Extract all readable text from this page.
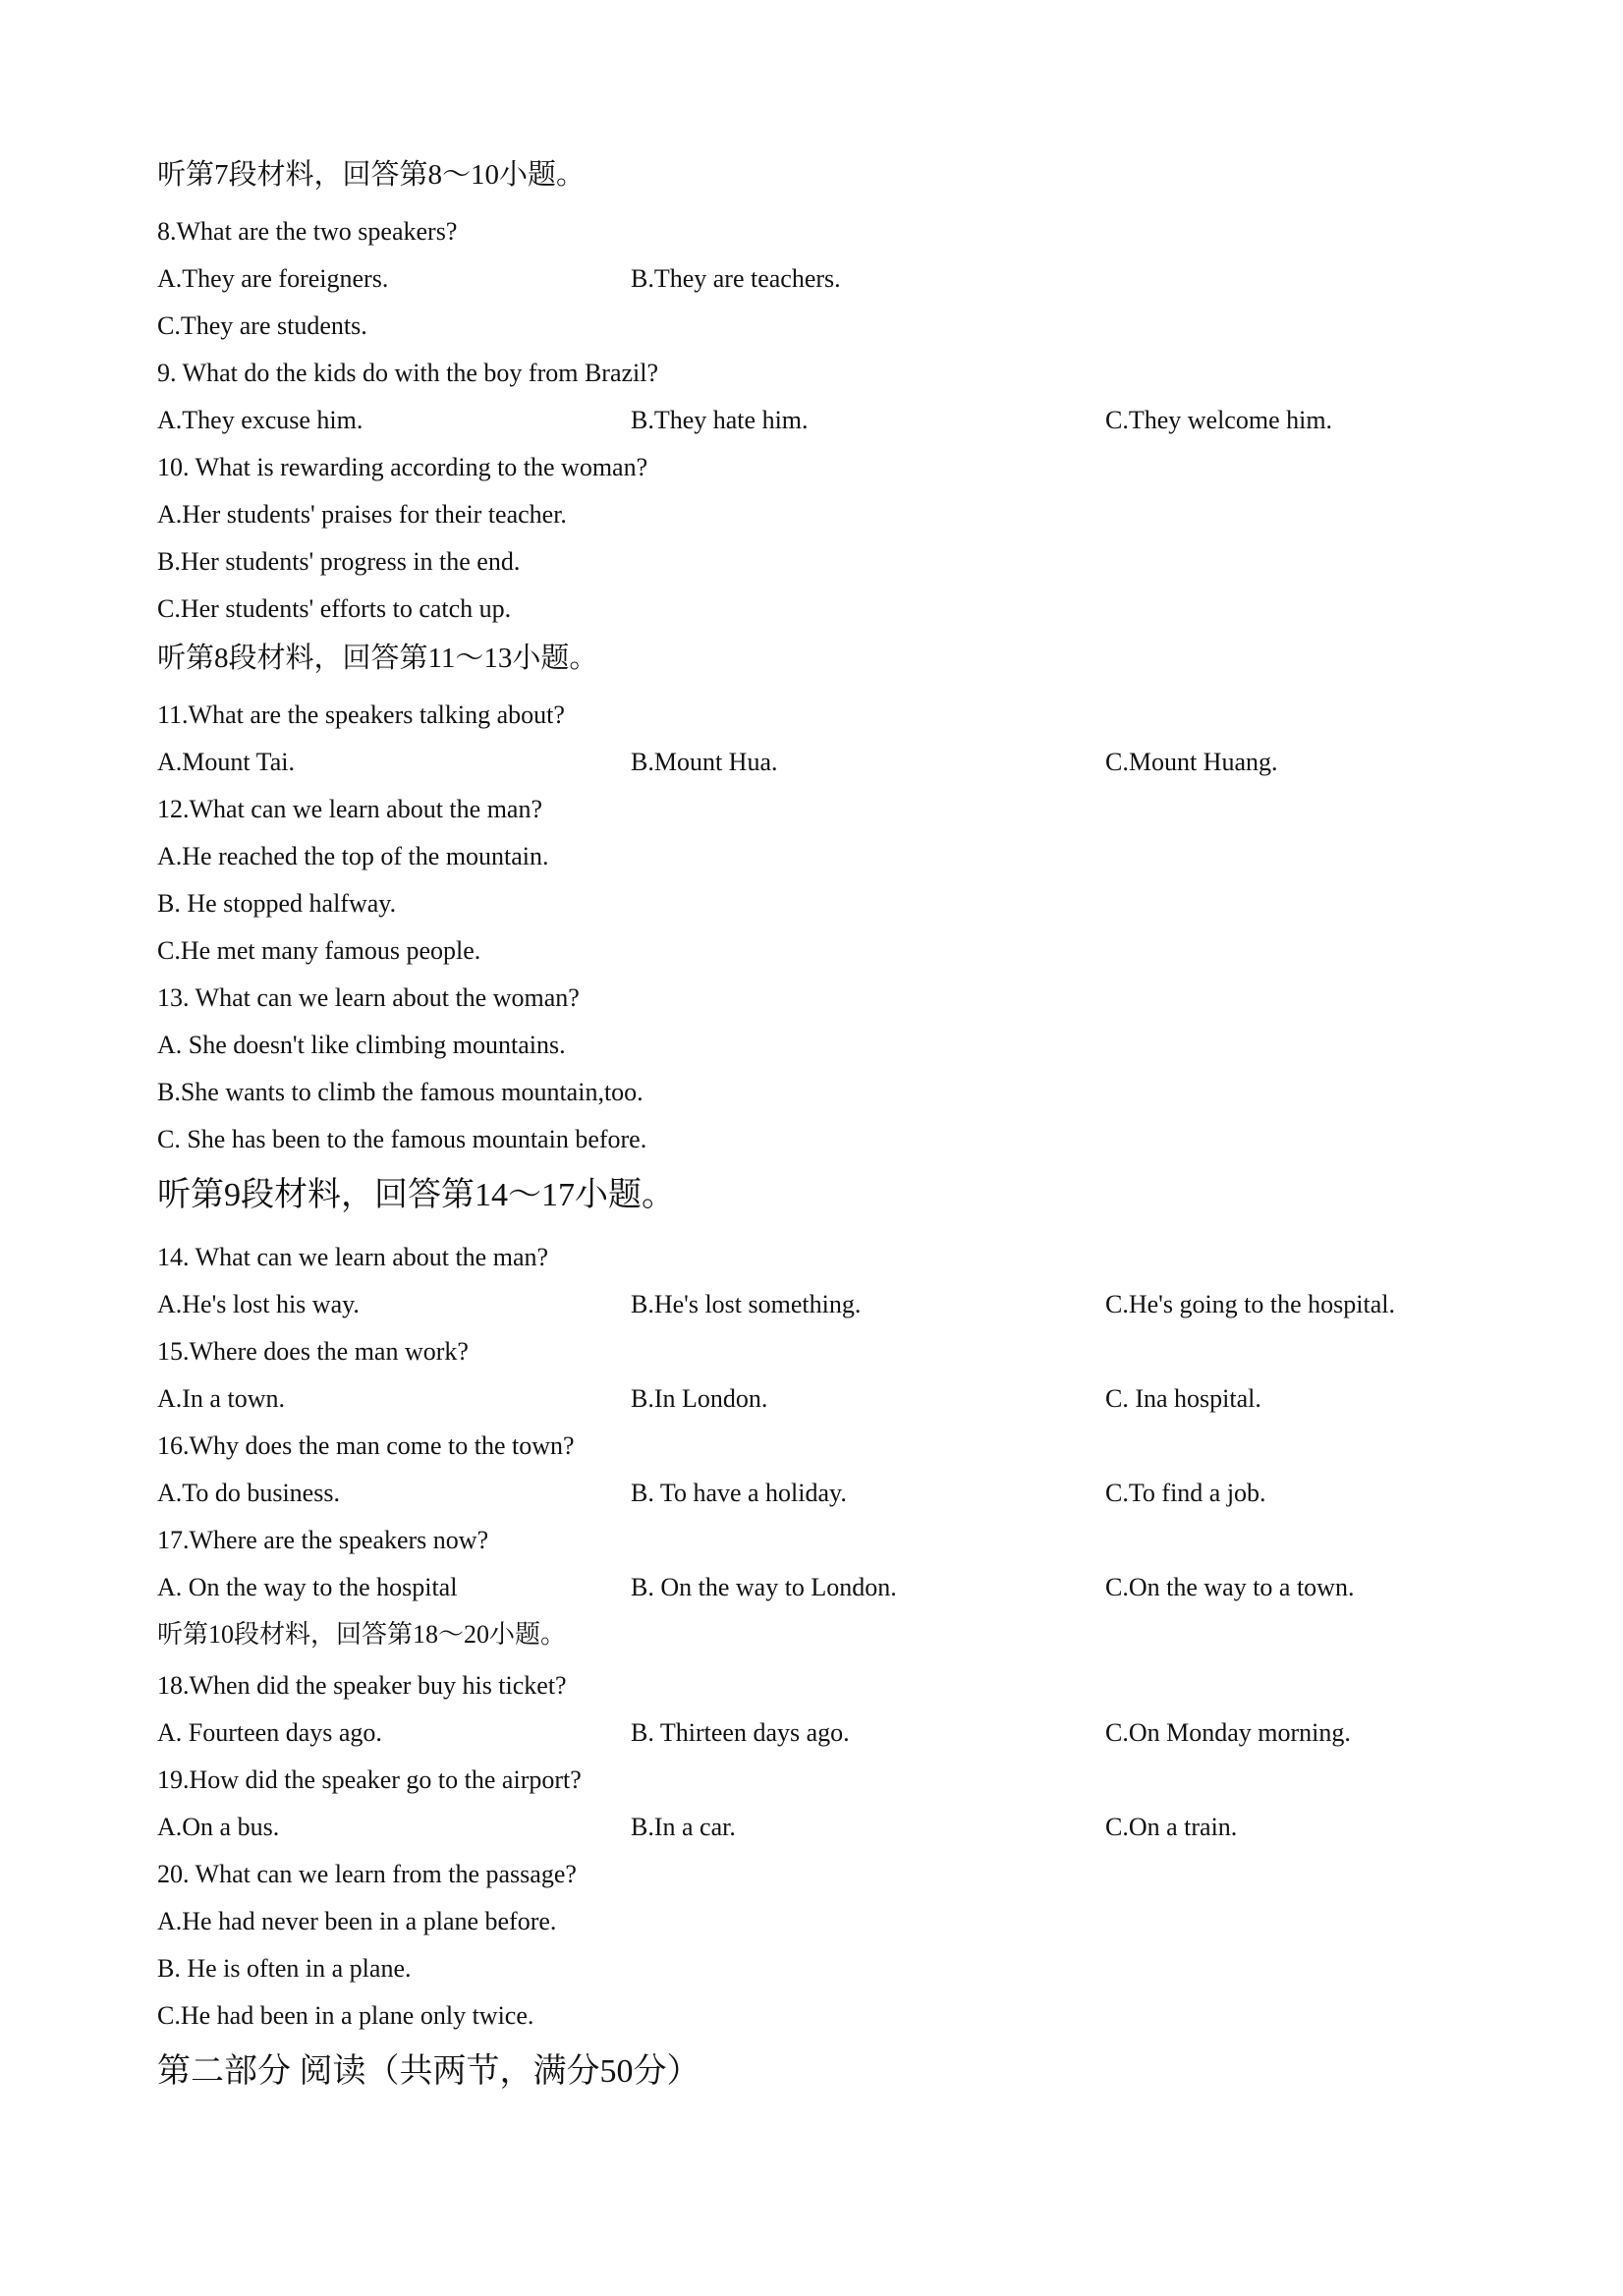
听第7段材料，回答第8～10小题。
8.What are the two speakers?
A.They are foreigners.	B.They are teachers.
C.They are students.
9. What do the kids do with the boy from Brazil?
A.They excuse him.	B.They hate him.	C.They welcome him.
10. What is rewarding according to the woman?
A.Her students' praises for their teacher.
B.Her students' progress in the end.
C.Her students' efforts to catch up.
听第8段材料，回答第11～13小题。
11.What are the speakers talking about?
A.Mount Tai.	B.Mount Hua.	C.Mount Huang.
12.What can we learn about the man?
A.He reached the top of the mountain.
B. He stopped halfway.
C.He met many famous people.
13. What can we learn about the woman?
A. She doesn't like climbing mountains.
B.She wants to climb the famous mountain,too.
C. She has been to the famous mountain before.
听第9段材料，回答第14～17小题。
14. What can we learn about the man?
A.He's lost his way.	B.He's lost something.	C.He's going to the hospital.
15.Where does the man work?
A.In a town.	B.In London.	C. Ina hospital.
16.Why does the man come to the town?
A.To do business.	B. To have a holiday.	C.To find a job.
17.Where are the speakers now?
A. On the way to the hospital	B. On the way to London.	C.On the way to a town.
听第10段材料，回答第18～20小题。
18.When did the speaker buy his ticket?
A. Fourteen days ago.	B. Thirteen days ago.	C.On Monday morning.
19.How did the speaker go to the airport?
A.On a bus.	B.In a car.	C.On a train.
20. What can we learn from the passage?
A.He had never been in a plane before.
B. He is often in a plane.
C.He had been in a plane only twice.
第二部分 阅读（共两节，满分50分）
